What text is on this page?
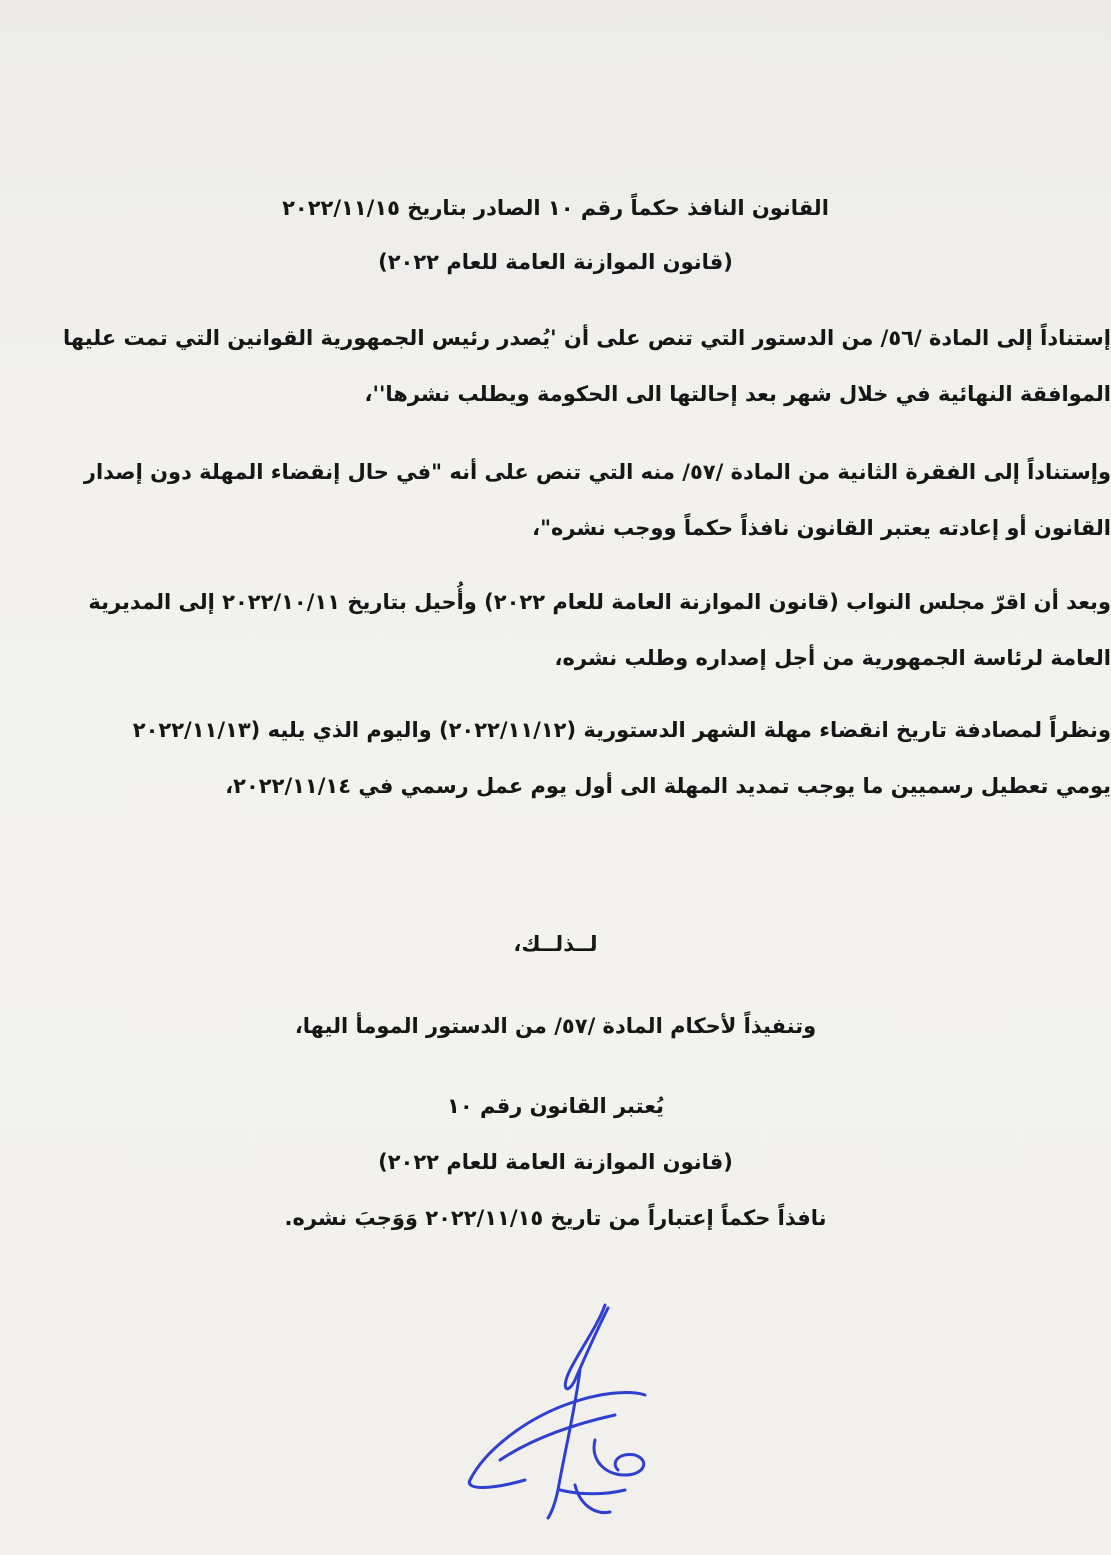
القانون النافذ حكماً رقم ١٠ الصادر بتاريخ ٢٠٢٢/١١/١٥
(قانون الموازنة العامة للعام ٢٠٢٢)
إستناداً إلى المادة /٥٦/ من الدستور التي تنص على أن 'يُصدر رئيس الجمهورية القوانين التي تمت عليها
الموافقة النهائية في خلال شهر بعد إحالتها الى الحكومة ويطلب نشرها''،
وإستناداً إلى الفقرة الثانية من المادة /٥٧/ منه التي تنص على أنه "في حال إنقضاء المهلة دون إصدار
القانون أو إعادته يعتبر القانون نافذاً حكماً ووجب نشره"،
وبعد أن اقرّ مجلس النواب (قانون الموازنة العامة للعام ٢٠٢٢) وأُحيل بتاريخ ٢٠٢٢/١٠/١١ إلى المديرية
العامة لرئاسة الجمهورية من أجل إصداره وطلب نشره،
ونظراً لمصادفة تاريخ انقضاء مهلة الشهر الدستورية (٢٠٢٢/١١/١٢) واليوم الذي يليه (٢٠٢٢/١١/١٣
يومي تعطيل رسميين ما يوجب تمديد المهلة الى أول يوم عمل رسمي في ٢٠٢٢/١١/١٤،
لــذلــك،
وتنفيذاً لأحكام المادة /٥٧/ من الدستور المومأ اليها،
يُعتبر القانون رقم ١٠
(قانون الموازنة العامة للعام ٢٠٢٢)
نافذاً حكماً إعتباراً من تاريخ ٢٠٢٢/١١/١٥ وَوَجبَ نشره.
